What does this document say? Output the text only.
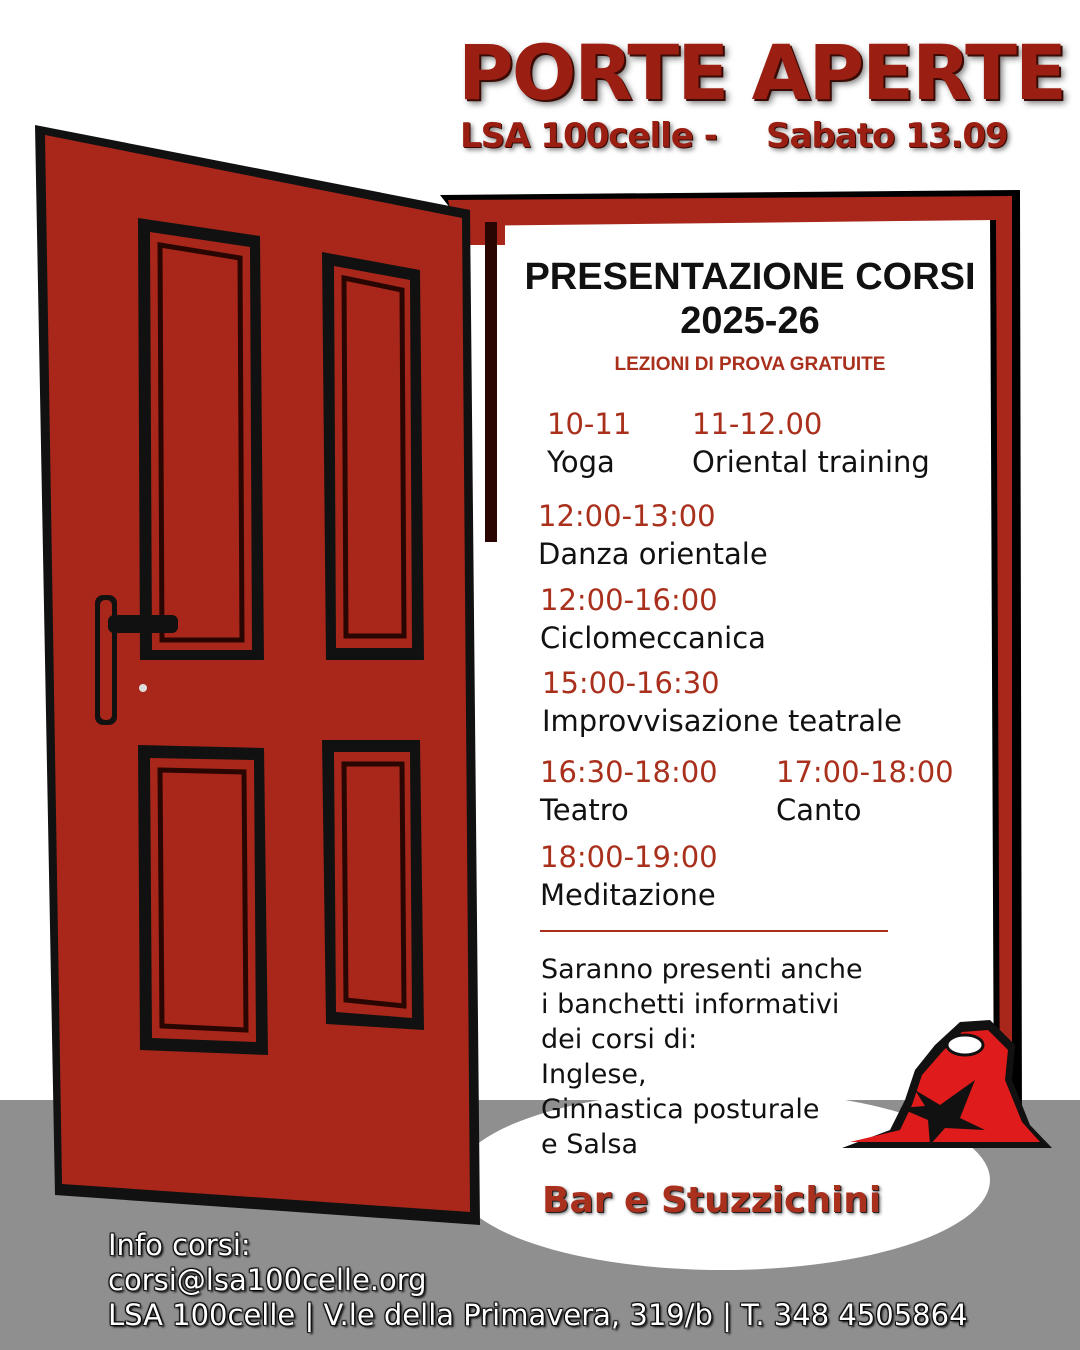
PORTE APERTE
LSA 100celle - Sabato 13.09
PRESENTAZIONE CORSI
2025-26
LEZIONI DI PROVA GRATUITE
10-11
Yoga
11-12.00
Oriental training
12:00-13:00
Danza orientale
12:00-16:00
Ciclomeccanica
15:00-16:30
Improvvisazione teatrale
16:30-18:00
Teatro
17:00-18:00
Canto
18:00-19:00
Meditazione
Saranno presenti anche
i banchetti informativi
dei corsi di:
Inglese,
Ginnastica posturale
e Salsa
Bar e Stuzzichini
Info corsi:
corsi@lsa100celle.org
LSA 100celle | V.le della Primavera, 319/b | T. 348 4505864
